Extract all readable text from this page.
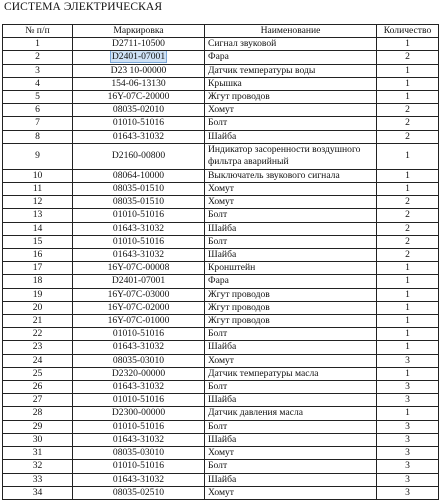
СИСТЕМА ЭЛЕКТРИЧЕСКАЯ
№ п/п	Маркировка	Наименование	Количество
1	D2711-10500	Сигнал звуковой	1
2	D2401-07001	Фара	2
3	D23 10-00000	Датчик температуры воды	1
4	154-06-13130	Крышка	1
5	16Y-07C-20000	Жгут проводов	1
6	08035-02010	Хомут	2
7	01010-51016	Болт	2
8	01643-31032	Шайба	2
9	D2160-00800	Индикатор засоренности воздушного фильтра аварийный	1
10	08064-10000	Выключатель звукового сигнала	1
11	08035-01510	Хомут	1
12	08035-01510	Хомут	2
13	01010-51016	Болт	2
14	01643-31032	Шайба	2
15	01010-51016	Болт	2
16	01643-31032	Шайба	2
17	16Y-07C-00008	Кронштейн	1
18	D2401-07001	Фара	1
19	16Y-07C-03000	Жгут проводов	1
20	16Y-07C-02000	Жгут проводов	1
21	16Y-07C-01000	Жгут проводов	1
22	01010-51016	Болт	1
23	01643-31032	Шайба	1
24	08035-03010	Хомут	3
25	D2320-00000	Датчик температуры масла	1
26	01643-31032	Болт	3
27	01010-51016	Шайба	3
28	D2300-00000	Датчик давления масла	1
29	01010-51016	Болт	3
30	01643-31032	Шайба	3
31	08035-03010	Хомут	3
32	01010-51016	Болт	3
33	01643-31032	Шайба	3
34	08035-02510	Хомут	3
